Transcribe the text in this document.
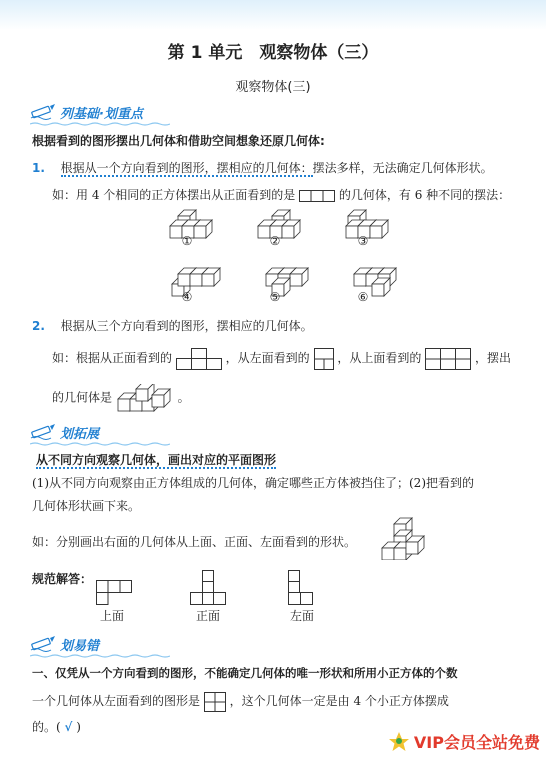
第 1 单元　观察物体（三）
观察物体(三)
列基础·划重点
根据看到的图形摆出几何体和借助空间想象还原几何体:
1. 根据从一个方向看到的图形，摆相应的几何体：摆法多样，无法确定几何体形状。
如：用 4 个相同的正方体摆出从正面看到的是	的几何体，有 6 种不同的摆法：
①	②	③
④	⑤	⑥
2. 根据从三个方向看到的图形，摆相应的几何体。
如：根据从正面看到的	，从左面看到的 ，从上面看到的	，摆出
的几何体是	。
划拓展
从不同方向观察几何体，画出对应的平面图形
(1)从不同方向观察由正方体组成的几何体，确定哪些正方体被挡住了；(2)把看到的
几何体形状画下来。
如：分别画出右面的几何体从上面、正面、左面看到的形状。
规范解答：
上面	正面	左面
划易错
一、仅凭从一个方向看到的图形，不能确定几何体的唯一形状和所用小正方体的个数
一个几何体从左面看到的图形是 ，这个几何体一定是由 4 个小正方体摆成
的。( √ )
VIP会员全站免费
